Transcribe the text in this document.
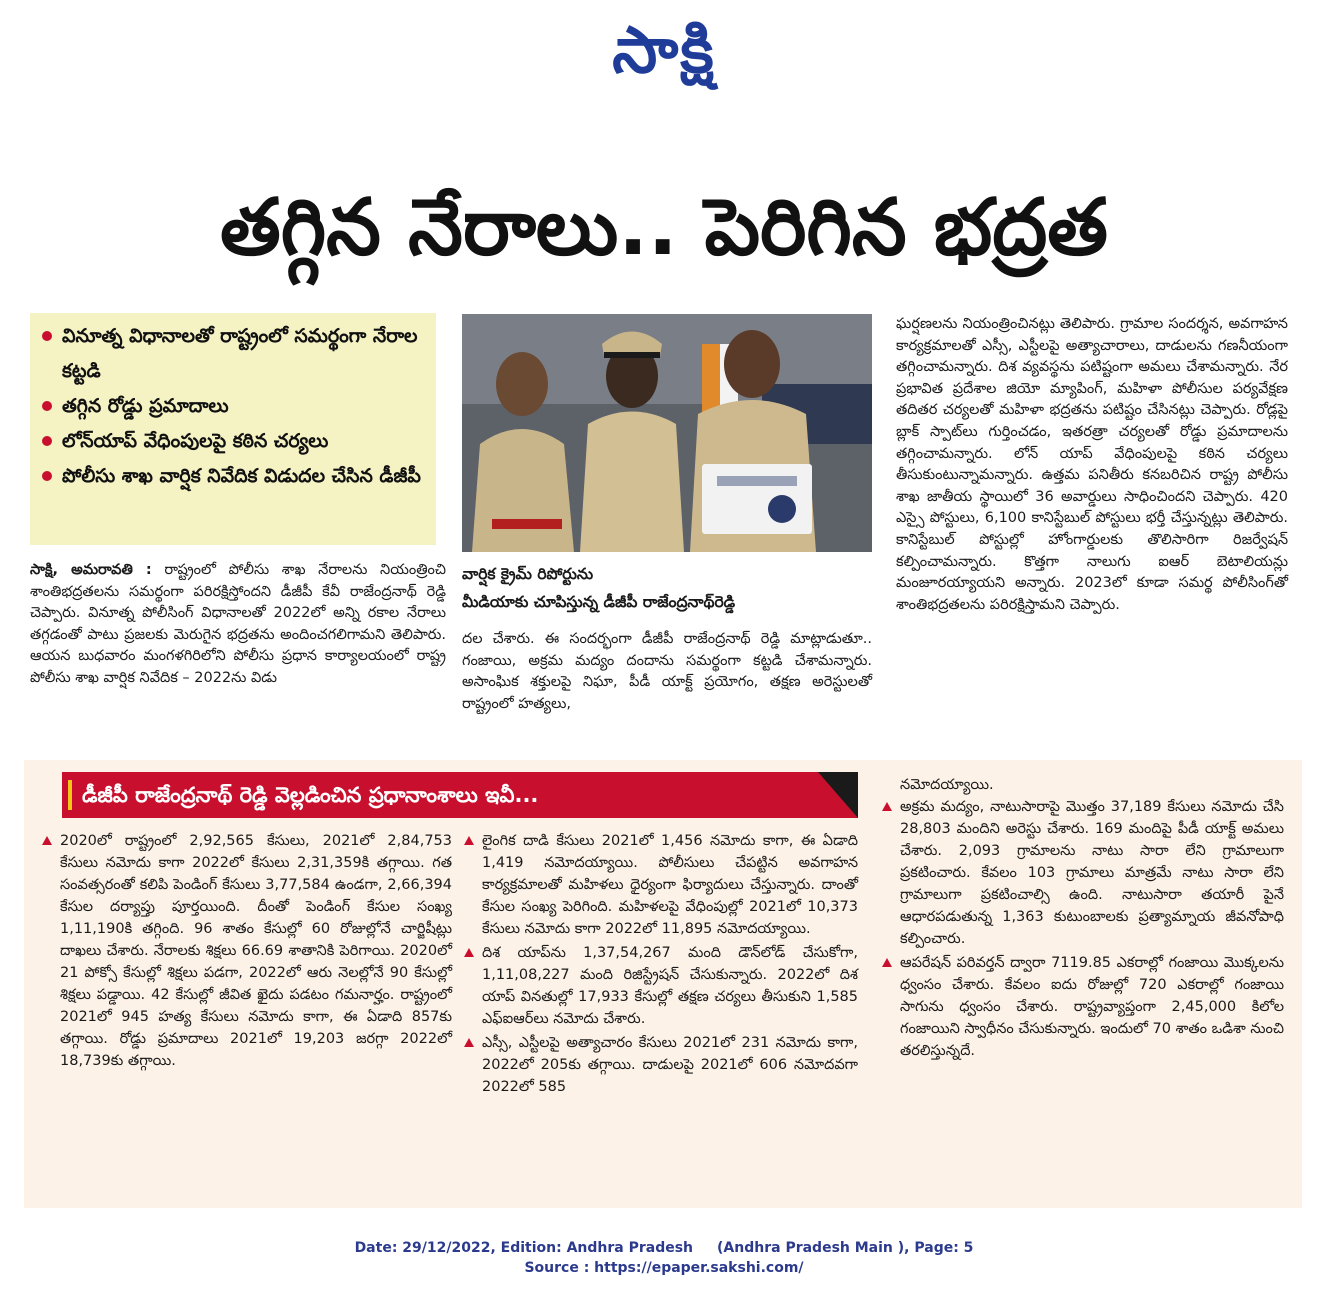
సాక్షి
తగ్గిన నేరాలు.. పెరిగిన భద్రత
వినూత్న విధానాలతో రాష్ట్రంలో సమర్థంగా నేరాల కట్టడి
తగ్గిన రోడ్డు ప్రమాదాలు
లోన్‌యాప్‌ వేధింపులపై కఠిన చర్యలు
పోలీసు శాఖ వార్షిక నివేదిక విడుదల చేసిన డీజీపీ
వార్షిక క్రైమ్‌ రిపోర్టును
మీడియాకు చూపిస్తున్న డీజీపీ రాజేంద్రనాథ్‌రెడ్డి

సాక్షి, అమరావతి : రాష్ట్రంలో పోలీసు శాఖ నేరాలను నియంత్రించి శాంతిభద్రతలను సమర్థంగా పరిరక్షిస్తోందని డీజీపీ కేవీ రాజేంద్రనాథ్‌ రెడ్డి చెప్పారు. వినూత్న పోలీసింగ్‌ విధానాలతో 2022లో అన్ని రకాల నేరాలు తగ్గడంతో పాటు ప్రజలకు మెరుగైన భద్రతను అందించగలిగామని తెలిపారు. ఆయన బుధవారం మంగళగిరిలోని పోలీసు ప్రధాన కార్యాలయంలో రాష్ట్ర పోలీసు శాఖ వార్షిక నివేదిక – 2022ను విడు

దల చేశారు. ఈ సందర్భంగా డీజీపీ రాజేంద్రనాథ్‌ రెడ్డి మాట్లాడుతూ.. గంజాయి, అక్రమ మద్యం దందాను సమర్థంగా కట్టడి చేశామన్నారు. అసాంఘిక శక్తులపై నిఘా, పీడీ యాక్ట్‌ ప్రయోగం, తక్షణ అరెస్టులతో రాష్ట్రంలో హత్యలు,

ఘర్షణలను నియంత్రించినట్లు తెలిపారు. గ్రామాల సందర్శన, అవగాహన కార్యక్రమాలతో ఎస్సీ, ఎస్టీలపై అత్యాచారాలు, దాడులను గణనీయంగా తగ్గించామన్నారు. దిశ వ్యవస్థను పటిష్టంగా అమలు చేశామన్నారు. నేర ప్రభావిత ప్రదేశాల జియో మ్యాపింగ్, మహిళా పోలీసుల పర్యవేక్షణ తదితర చర్యలతో మహిళా భద్రతను పటిష్టం చేసినట్లు చెప్పారు. రోడ్లపై బ్లాక్‌ స్పాట్‌లు గుర్తించడం, ఇతరత్రా చర్యలతో రోడ్డు ప్రమాదాలను తగ్గించామన్నారు. లోన్‌ యాప్‌ వేధింపులపై కఠిన చర్యలు తీసుకుంటున్నామన్నారు. ఉత్తమ పనితీరు కనబరిచిన రాష్ట్ర పోలీసు శాఖ జాతీయ స్థాయిలో 36 అవార్డులు సాధించిందని చెప్పారు. 420 ఎస్సై పోస్టులు, 6,100 కానిస్టేబుల్‌ పోస్టులు భర్తీ చేస్తున్నట్లు తెలిపారు. కానిస్టేబుల్‌ పోస్టుల్లో హోంగార్డులకు తొలిసారిగా రిజర్వేషన్‌ కల్పించామన్నారు. కొత్తగా నాలుగు ఐఆర్‌ బెటాలియన్లు మంజూరయ్యాయని అన్నారు. 2023లో కూడా సమర్థ పోలీసింగ్‌తో శాంతిభద్రతలను పరిరక్షిస్తామని చెప్పారు.

డీజీపీ రాజేంద్రనాథ్‌ రెడ్డి వెల్లడించిన ప్రధానాంశాలు ఇవీ...
2020లో రాష్ట్రంలో 2,92,565 కేసులు, 2021లో 2,84,753 కేసులు నమోదు కాగా 2022లో కేసులు 2,31,359కి తగ్గాయి. గత సంవత్సరంతో కలిపి పెండింగ్‌ కేసులు 3,77,584 ఉండగా, 2,66,394 కేసుల దర్యాప్తు పూర్తయింది. దీంతో పెండింగ్‌ కేసుల సంఖ్య 1,11,190కి తగ్గింది. 96 శాతం కేసుల్లో 60 రోజుల్లోనే చార్జిషీట్లు దాఖలు చేశారు. నేరాలకు శిక్షలు 66.69 శాతానికి పెరిగాయి. 2020లో 21 పోక్సో కేసుల్లో శిక్షలు పడగా, 2022లో ఆరు నెలల్లోనే 90 కేసుల్లో శిక్షలు పడ్డాయి. 42 కేసుల్లో జీవిత ఖైదు పడటం గమనార్హం. రాష్ట్రంలో 2021లో 945 హత్య కేసులు నమోదు కాగా, ఈ ఏడాది 857కు తగ్గాయి. రోడ్డు ప్రమాదాలు 2021లో 19,203 జరగ్గా 2022లో 18,739కు తగ్గాయి.
లైంగిక దాడి కేసులు 2021లో 1,456 నమోదు కాగా, ఈ ఏడాది 1,419 నమోదయ్యాయి. పోలీసులు చేపట్టిన అవగాహన కార్యక్రమాలతో మహిళలు ధైర్యంగా ఫిర్యాదులు చేస్తున్నారు. దాంతో కేసుల సంఖ్య పెరిగింది. మహిళలపై వేధింపుల్లో 2021లో 10,373 కేసులు నమోదు కాగా 2022లో 11,895 నమోదయ్యాయి.
దిశ యాప్‌ను 1,37,54,267 మంది డౌన్‌లోడ్‌ చేసుకోగా, 1,11,08,227 మంది రిజిస్ట్రేషన్‌ చేసుకున్నారు. 2022లో దిశ యాప్‌ వినతుల్లో 17,933 కేసుల్లో తక్షణ చర్యలు తీసుకుని 1,585 ఎఫ్‌ఐఆర్‌లు నమోదు చేశారు.
ఎస్సీ, ఎస్టీలపై అత్యాచారం కేసులు 2021లో 231 నమోదు కాగా, 2022లో 205కు తగ్గాయి. దాడులపై 2021లో 606 నమోదవగా 2022లో 585
నమోదయ్యాయి.
అక్రమ మద్యం, నాటుసారాపై మొత్తం 37,189 కేసులు నమోదు చేసి 28,803 మందిని అరెస్టు చేశారు. 169 మందిపై పీడీ యాక్ట్‌ అమలు చేశారు. 2,093 గ్రామాలను నాటు సారా లేని గ్రామాలుగా ప్రకటించారు. కేవలం 103 గ్రామాలు మాత్రమే నాటు సారా లేని గ్రామాలుగా ప్రకటించాల్సి ఉంది. నాటుసారా తయారీ పైనే ఆధారపడుతున్న 1,363 కుటుంబాలకు ప్రత్యామ్నాయ జీవనోపాధి కల్పించారు.
ఆపరేషన్‌ పరివర్తన్‌ ద్వారా 7119.85 ఎకరాల్లో గంజాయి మొక్కలను ధ్వంసం చేశారు. కేవలం ఐదు రోజుల్లో 720 ఎకరాల్లో గంజాయి సాగును ధ్వంసం చేశారు. రాష్ట్రవ్యాప్తంగా 2,45,000 కిలోల గంజాయిని స్వాధీనం చేసుకున్నారు. ఇందులో 70 శాతం ఒడిశా నుంచి తరలిస్తున్నదే.
Date: 29/12/2022, Edition: Andhra Pradesh (Andhra Pradesh Main ), Page: 5
Source : https://epaper.sakshi.com/
